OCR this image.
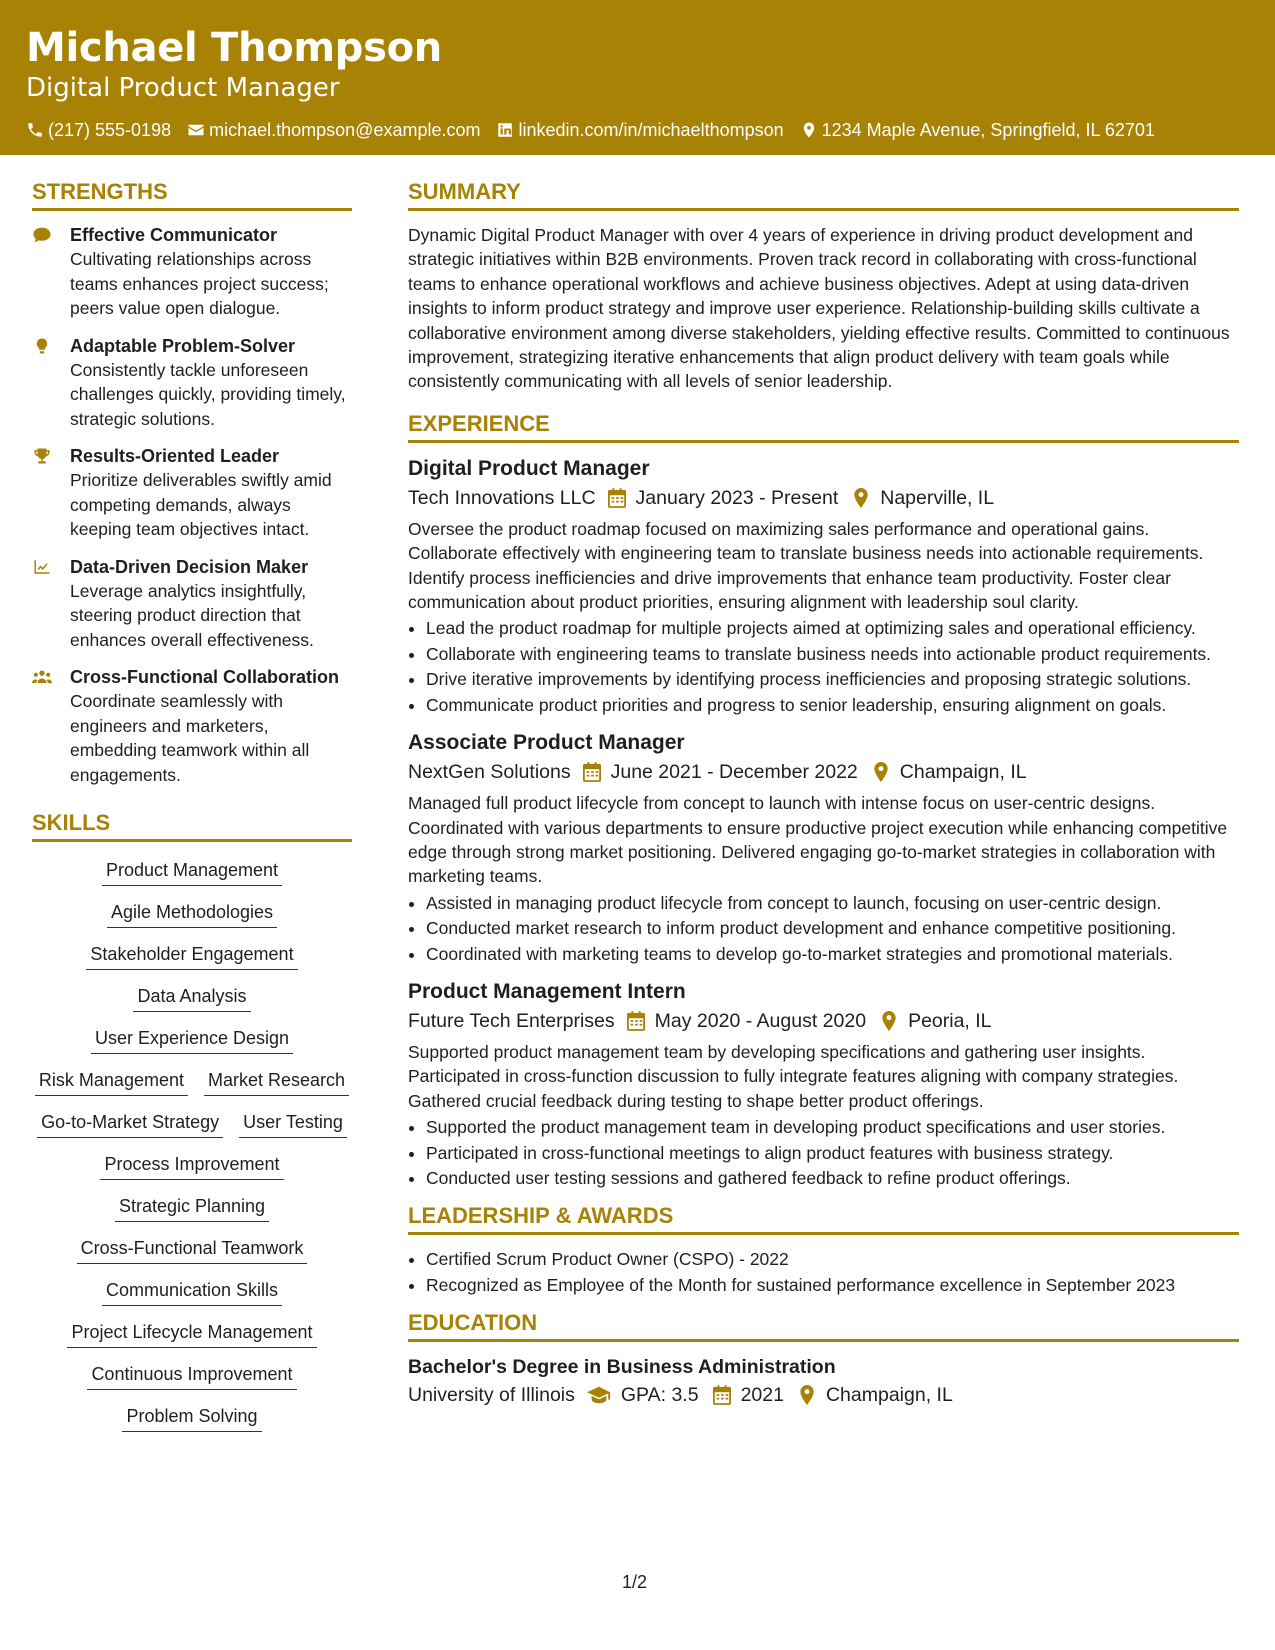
Michael Thompson
Digital Product Manager
(217) 555-0198 michael.thompson@example.com linkedin.com/in/michaelthompson 1234 Maple Avenue, Springfield, IL 62701
STRENGTHS
Effective Communicator
Cultivating relationships across teams enhances project success; peers value open dialogue.
Adaptable Problem-Solver
Consistently tackle unforeseen challenges quickly, providing timely, strategic solutions.
Results-Oriented Leader
Prioritize deliverables swiftly amid competing demands, always keeping team objectives intact.
Data-Driven Decision Maker
Leverage analytics insightfully, steering product direction that enhances overall effectiveness.
Cross-Functional Collaboration
Coordinate seamlessly with engineers and marketers, embedding teamwork within all engagements.
SKILLS
Product Management
Agile Methodologies
Stakeholder Engagement
Data Analysis
User Experience Design
Risk Management Market Research
Go-to-Market Strategy User Testing
Process Improvement
Strategic Planning
Cross-Functional Teamwork
Communication Skills
Project Lifecycle Management
Continuous Improvement
Problem Solving
SUMMARY

Dynamic Digital Product Manager with over 4 years of experience in driving product development and strategic initiatives within B2B environments. Proven track record in collaborating with cross-functional teams to enhance operational workflows and achieve business objectives. Adept at using data-driven insights to inform product strategy and improve user experience. Relationship-building skills cultivate a collaborative environment among diverse stakeholders, yielding effective results. Committed to continuous improvement, strategizing iterative enhancements that align product delivery with team goals while consistently communicating with all levels of senior leadership.

EXPERIENCE
Digital Product Manager
Tech Innovations LLC January 2023 - Present Naperville, IL

Oversee the product roadmap focused on maximizing sales performance and operational gains. Collaborate effectively with engineering team to translate business needs into actionable requirements. Identify process inefficiencies and drive improvements that enhance team productivity. Foster clear communication about product priorities, ensuring alignment with leadership soul clarity.

• Lead the product roadmap for multiple projects aimed at optimizing sales and operational efficiency.
• Collaborate with engineering teams to translate business needs into actionable product requirements.
• Drive iterative improvements by identifying process inefficiencies and proposing strategic solutions.
• Communicate product priorities and progress to senior leadership, ensuring alignment on goals.
Associate Product Manager
NextGen Solutions June 2021 - December 2022 Champaign, IL

Managed full product lifecycle from concept to launch with intense focus on user-centric designs. Coordinated with various departments to ensure productive project execution while enhancing competitive edge through strong market positioning. Delivered engaging go-to-market strategies in collaboration with marketing teams.

• Assisted in managing product lifecycle from concept to launch, focusing on user-centric design.
• Conducted market research to inform product development and enhance competitive positioning.
• Coordinated with marketing teams to develop go-to-market strategies and promotional materials.
Product Management Intern
Future Tech Enterprises May 2020 - August 2020 Peoria, IL

Supported product management team by developing specifications and gathering user insights. Participated in cross-function discussion to fully integrate features aligning with company strategies. Gathered crucial feedback during testing to shape better product offerings.

• Supported the product management team in developing product specifications and user stories.
• Participated in cross-functional meetings to align product features with business strategy.
• Conducted user testing sessions and gathered feedback to refine product offerings.
LEADERSHIP & AWARDS
• Certified Scrum Product Owner (CSPO) - 2022
• Recognized as Employee of the Month for sustained performance excellence in September 2023
EDUCATION
Bachelor's Degree in Business Administration
University of Illinois GPA: 3.5 2021 Champaign, IL
1/2
